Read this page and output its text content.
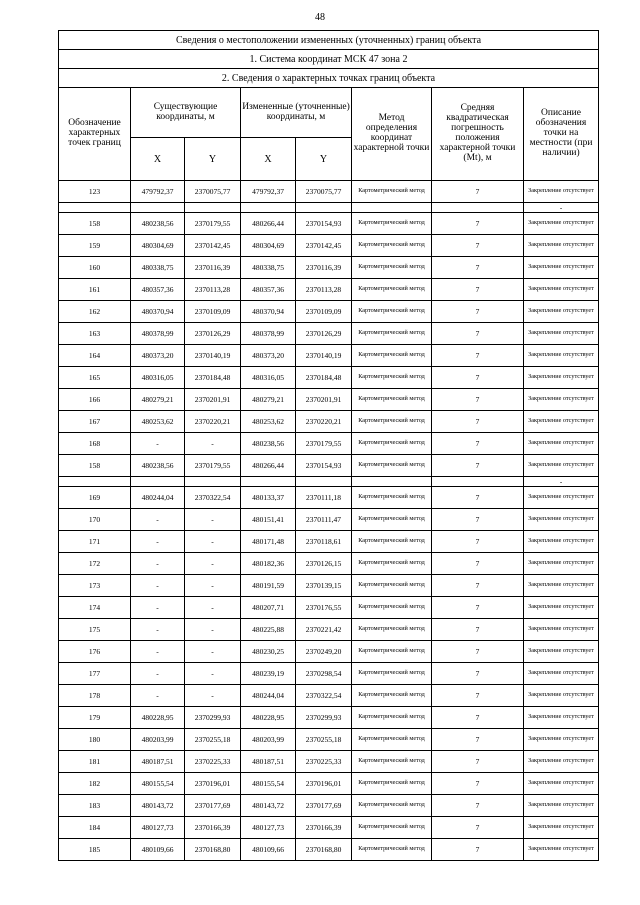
48
Сведения о местоположении измененных (уточненных) границ объекта							
1. Система координат МСК 47 зона 2							
2. Сведения о характерных точках границ объекта							
Обозначение характерных точек границ	Существующие координаты, м		Измененные (уточненные) координаты, м		Метод определения координат характерной точки	Средняя квадратическая погрешность положения характерной точки (Mt), м	Описание обозначения точки на местности (при наличии)
	X	Y	X	Y			
123	479792,37	2370075,77	479792,37	2370075,77	Картометрический метод	7	Закрепление отсутствует
							-
158	480238,56	2370179,55	480266,44	2370154,93	Картометрический метод	7	Закрепление отсутствует
159	480304,69	2370142,45	480304,69	2370142,45	Картометрический метод	7	Закрепление отсутствует
160	480338,75	2370116,39	480338,75	2370116,39	Картометрический метод	7	Закрепление отсутствует
161	480357,36	2370113,28	480357,36	2370113,28	Картометрический метод	7	Закрепление отсутствует
162	480370,94	2370109,09	480370,94	2370109,09	Картометрический метод	7	Закрепление отсутствует
163	480378,99	2370126,29	480378,99	2370126,29	Картометрический метод	7	Закрепление отсутствует
164	480373,20	2370140,19	480373,20	2370140,19	Картометрический метод	7	Закрепление отсутствует
165	480316,05	2370184,48	480316,05	2370184,48	Картометрический метод	7	Закрепление отсутствует
166	480279,21	2370201,91	480279,21	2370201,91	Картометрический метод	7	Закрепление отсутствует
167	480253,62	2370220,21	480253,62	2370220,21	Картометрический метод	7	Закрепление отсутствует
168	-	-	480238,56	2370179,55	Картометрический метод	7	Закрепление отсутствует
158	480238,56	2370179,55	480266,44	2370154,93	Картометрический метод	7	Закрепление отсутствует
							-
169	480244,04	2370322,54	480133,37	2370111,18	Картометрический метод	7	Закрепление отсутствует
170	-	-	480151,41	2370111,47	Картометрический метод	7	Закрепление отсутствует
171	-	-	480171,48	2370118,61	Картометрический метод	7	Закрепление отсутствует
172	-	-	480182,36	2370126,15	Картометрический метод	7	Закрепление отсутствует
173	-	-	480191,59	2370139,15	Картометрический метод	7	Закрепление отсутствует
174	-	-	480207,71	2370176,55	Картометрический метод	7	Закрепление отсутствует
175	-	-	480225,88	2370221,42	Картометрический метод	7	Закрепление отсутствует
176	-	-	480230,25	2370249,20	Картометрический метод	7	Закрепление отсутствует
177	-	-	480239,19	2370298,54	Картометрический метод	7	Закрепление отсутствует
178	-	-	480244,04	2370322,54	Картометрический метод	7	Закрепление отсутствует
179	480228,95	2370299,93	480228,95	2370299,93	Картометрический метод	7	Закрепление отсутствует
180	480203,99	2370255,18	480203,99	2370255,18	Картометрический метод	7	Закрепление отсутствует
181	480187,51	2370225,33	480187,51	2370225,33	Картометрический метод	7	Закрепление отсутствует
182	480155,54	2370196,01	480155,54	2370196,01	Картометрический метод	7	Закрепление отсутствует
183	480143,72	2370177,69	480143,72	2370177,69	Картометрический метод	7	Закрепление отсутствует
184	480127,73	2370166,39	480127,73	2370166,39	Картометрический метод	7	Закрепление отсутствует
185	480109,66	2370168,80	480109,66	2370168,80	Картометрический метод	7	Закрепление отсутствует
